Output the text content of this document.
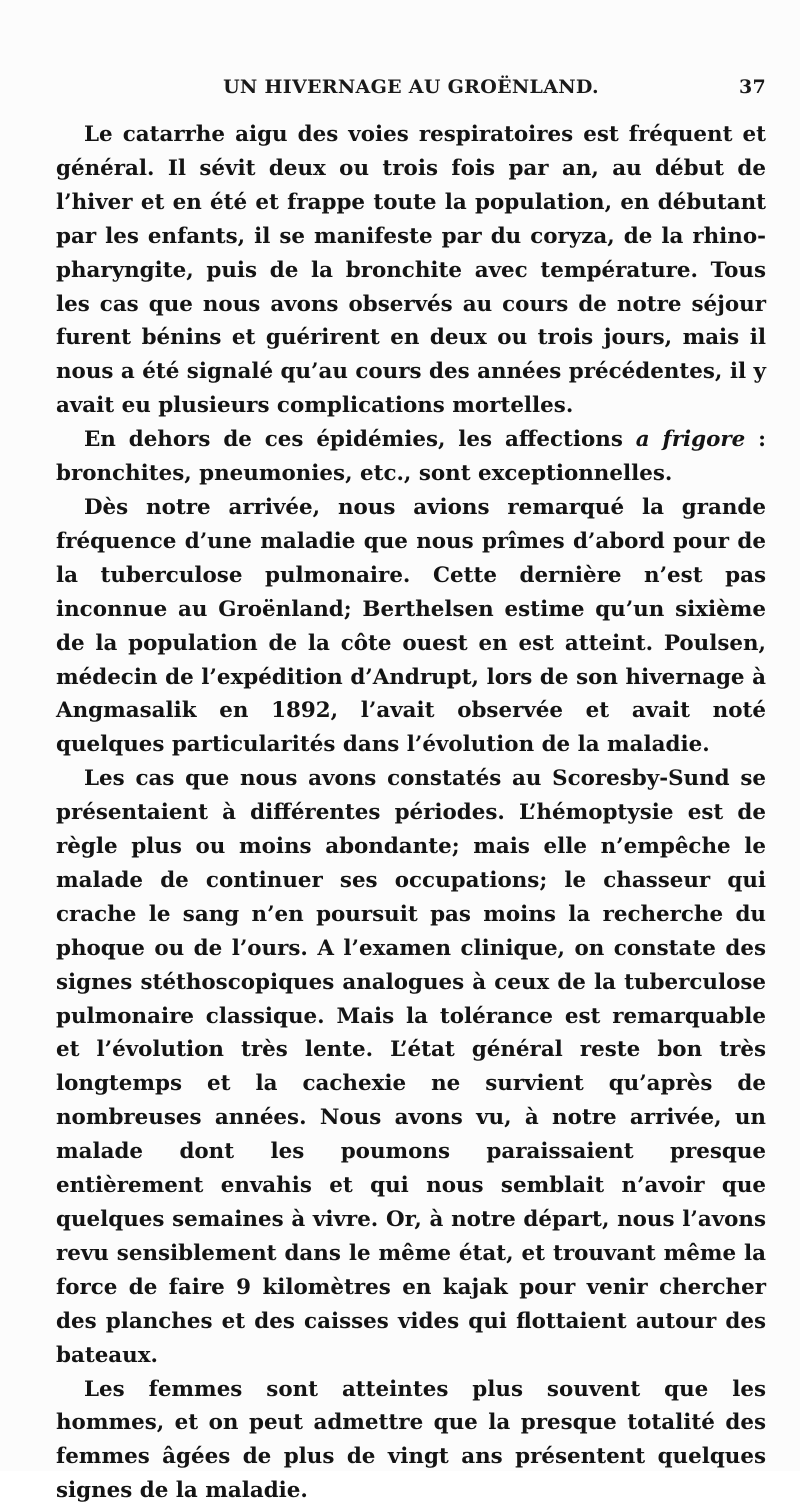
UN HIVERNAGE AU GROËNLAND.	37

Le catarrhe aigu des voies respiratoires est fréquent et général. Il sévit deux ou trois fois par an, au début de l’hiver et en été et frappe toute la population, en débutant par les enfants, il se manifeste par du coryza, de la rhino-pharyngite, puis de la bronchite avec température. Tous les cas que nous avons observés au cours de notre séjour furent bénins et guérirent en deux ou trois jours, mais il nous a été signalé qu’au cours des années précédentes, il y avait eu plusieurs complications mortelles.

En dehors de ces épidémies, les affections a frigore : bronchites, pneumonies, etc., sont exceptionnelles.

Dès notre arrivée, nous avions remarqué la grande fréquence d’une maladie que nous prîmes d’abord pour de la tuberculose pulmonaire. Cette dernière n’est pas inconnue au Groënland; Berthelsen estime qu’un sixième de la population de la côte ouest en est atteint. Poulsen, médecin de l’expédition d’Andrupt, lors de son hivernage à Angmasalik en 1892, l’avait observée et avait noté quelques particularités dans l’évolution de la maladie.

Les cas que nous avons constatés au Scoresby-Sund se présentaient à différentes périodes. L’hémoptysie est de règle plus ou moins abondante; mais elle n’empêche le malade de continuer ses occupations; le chasseur qui crache le sang n’en poursuit pas moins la recherche du phoque ou de l’ours. A l’examen clinique, on constate des signes stéthoscopiques analogues à ceux de la tuberculose pulmonaire classique. Mais la tolérance est remarquable et l’évolution très lente. L’état général reste bon très longtemps et la cachexie ne survient qu’après de nombreuses années. Nous avons vu, à notre arrivée, un malade dont les poumons paraissaient presque entièrement envahis et qui nous semblait n’avoir que quelques semaines à vivre. Or, à notre départ, nous l’avons revu sensiblement dans le même état, et trouvant même la force de faire 9 kilomètres en kajak pour venir chercher des planches et des caisses vides qui flottaient autour des bateaux.

Les femmes sont atteintes plus souvent que les hommes, et on peut admettre que la presque totalité des femmes âgées de plus de vingt ans présentent quelques signes de la maladie.
